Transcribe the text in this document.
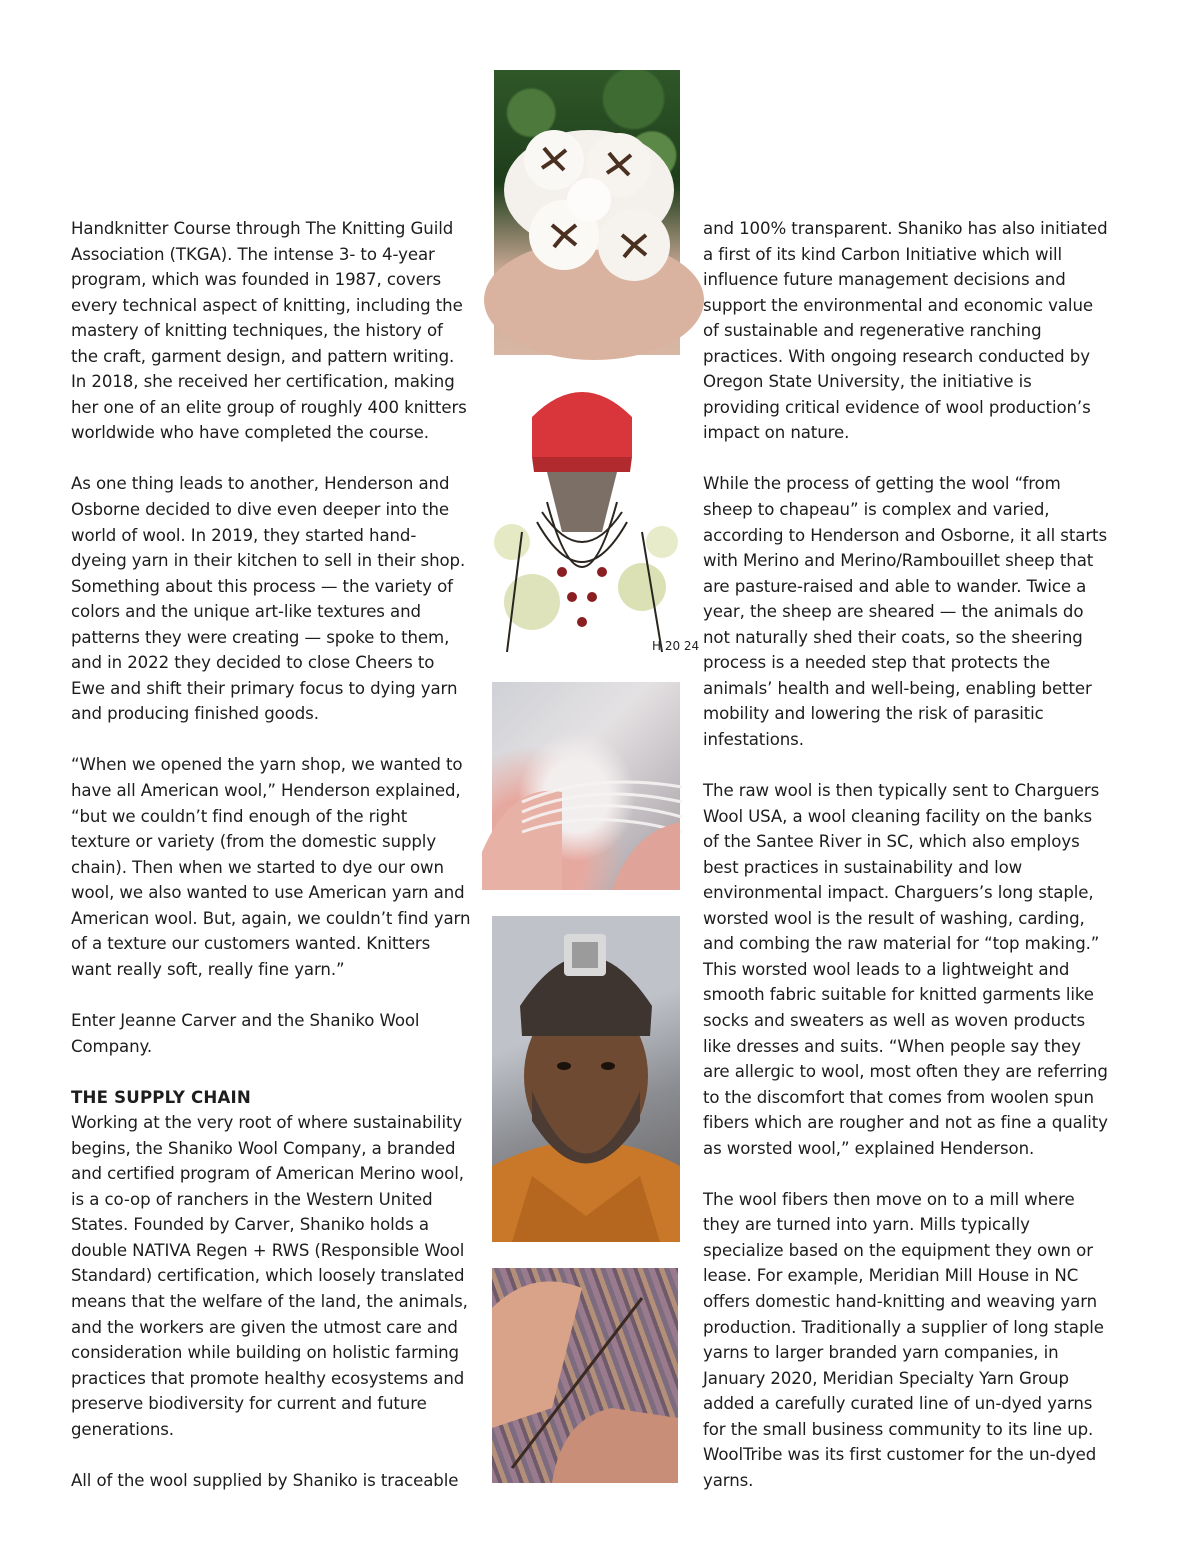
Handknitter Course through The Knitting Guild Association (TKGA). The intense 3- to 4-year program, which was founded in 1987, covers every technical aspect of knitting, including the mastery of knitting techniques, the history of the craft, garment design, and pattern writing. In 2018, she received her certification, making her one of an elite group of roughly 400 knitters worldwide who have completed the course.

As one thing leads to another, Henderson and Osborne decided to dive even deeper into the world of wool. In 2019, they started hand-dyeing yarn in their kitchen to sell in their shop. Something about this process — the variety of colors and the unique art-like textures and patterns they were creating — spoke to them, and in 2022 they decided to close Cheers to Ewe and shift their primary focus to dying yarn and producing finished goods.

“When we opened the yarn shop, we wanted to have all American wool,” Henderson explained, “but we couldn’t find enough of the right texture or variety (from the domestic supply chain). Then when we started to dye our own wool, we also wanted to use American yarn and American wool. But, again, we couldn’t find yarn of a texture our customers wanted. Knitters want really soft, really fine yarn.”

Enter Jeanne Carver and the Shaniko Wool Company.

THE SUPPLY CHAIN

Working at the very root of where sustainability begins, the Shaniko Wool Company, a branded and certified program of American Merino wool, is a co-op of ranchers in the Western United States. Founded by Carver, Shaniko holds a double NATIVA Regen + RWS (Responsible Wool Standard) certification, which loosely translated means that the welfare of the land, the animals, and the workers are given the utmost care and consideration while building on holistic farming practices that promote healthy ecosystems and preserve biodiversity for current and future generations.

All of the wool supplied by Shaniko is traceable

H 20 24

and 100% transparent. Shaniko has also initiated a first of its kind Carbon Initiative which will influence future management decisions and support the environmental and economic value of sustainable and regenerative ranching practices. With ongoing research conducted by Oregon State University, the initiative is providing critical evidence of wool production’s impact on nature.

While the process of getting the wool “from sheep to chapeau” is complex and varied, according to Henderson and Osborne, it all starts with Merino and Merino/Rambouillet sheep that are pasture-raised and able to wander. Twice a year, the sheep are sheared — the animals do not naturally shed their coats, so the sheering process is a needed step that protects the animals’ health and well-being, enabling better mobility and lowering the risk of parasitic infestations.

The raw wool is then typically sent to Charguers Wool USA, a wool cleaning facility on the banks of the Santee River in SC, which also employs best practices in sustainability and low environmental impact. Charguers’s long staple, worsted wool is the result of washing, carding, and combing the raw material for “top making.” This worsted wool leads to a lightweight and smooth fabric suitable for knitted garments like socks and sweaters as well as woven products like dresses and suits. “When people say they are allergic to wool, most often they are referring to the discomfort that comes from woolen spun fibers which are rougher and not as fine a quality as worsted wool,” explained Henderson.

The wool fibers then move on to a mill where they are turned into yarn. Mills typically specialize based on the equipment they own or lease. For example, Meridian Mill House in NC offers domestic hand-knitting and weaving yarn production. Traditionally a supplier of long staple yarns to larger branded yarn companies, in January 2020, Meridian Specialty Yarn Group added a carefully curated line of un-dyed yarns for the small business community to its line up. WoolTribe was its first customer for the un-dyed yarns.
